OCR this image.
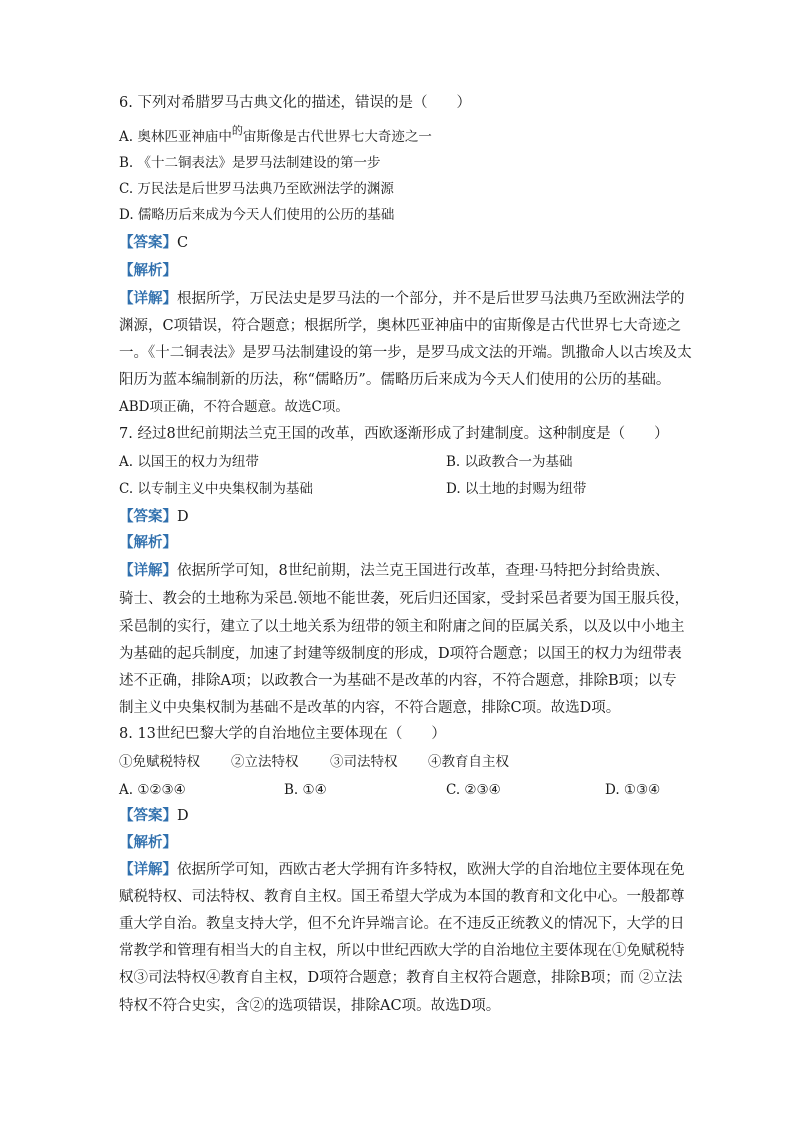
6. 下列对希腊罗马古典文化的描述，错误的是（　　）
A. 奥林匹亚神庙中$^的$宙斯像是古代世界七大奇迹之一
B. 《十二铜表法》是罗马法制建设的第一步
C. 万民法是后世罗马法典乃至欧洲法学的渊源
D. 儒略历后来成为今天人们使用的公历的基础
【答案】C
【解析】
【详解】根据所学，万民法史是罗马法的一个部分，并不是后世罗马法典乃至欧洲法学的
渊源，C项错误，符合题意；根据所学，奥林匹亚神庙中的宙斯像是古代世界七大奇迹之
一。《十二铜表法》是罗马法制建设的第一步，是罗马成文法的开端。凯撒命人以古埃及太
阳历为蓝本编制新的历法，称“儒略历”。儒略历后来成为今天人们使用的公历的基础。
ABD项正确，不符合题意。故选C项。
7. 经过8世纪前期法兰克王国的改革，西欧逐渐形成了封建制度。这种制度是（　　）
A. 以国王的权力为纽带	B. 以政教合一为基础
C. 以专制主义中央集权制为基础	D. 以土地的封赐为纽带
【答案】D
【解析】
【详解】依据所学可知，8世纪前期，法兰克王国进行改革，查理·马特把分封给贵族、
骑士、教会的土地称为采邑.领地不能世袭，死后归还国家，受封采邑者要为国王服兵役，
采邑制的实行，建立了以土地关系为纽带的领主和附庸之间的臣属关系，以及以中小地主
为基础的起兵制度，加速了封建等级制度的形成，D项符合题意；以国王的权力为纽带表
述不正确，排除A项；以政教合一为基础不是改革的内容，不符合题意，排除B项；以专
制主义中央集权制为基础不是改革的内容，不符合题意，排除C项。故选D项。
8. 13世纪巴黎大学的自治地位主要体现在（　　）
①免赋税特权 ②立法特权 ③司法特权 ④教育自主权
A. ①②③④	B. ①④	C. ②③④	D. ①③④
【答案】D
【解析】
【详解】依据所学可知，西欧古老大学拥有许多特权，欧洲大学的自治地位主要体现在免
赋税特权、司法特权、教育自主权。国王希望大学成为本国的教育和文化中心。一般都尊
重大学自治。教皇支持大学，但不允许异端言论。在不违反正统教义的情况下，大学的日
常教学和管理有相当大的自主权，所以中世纪西欧大学的自治地位主要体现在①免赋税特
权③司法特权④教育自主权，D项符合题意；教育自主权符合题意，排除B项；而 ②立法
特权不符合史实，含②的选项错误，排除AC项。故选D项。
